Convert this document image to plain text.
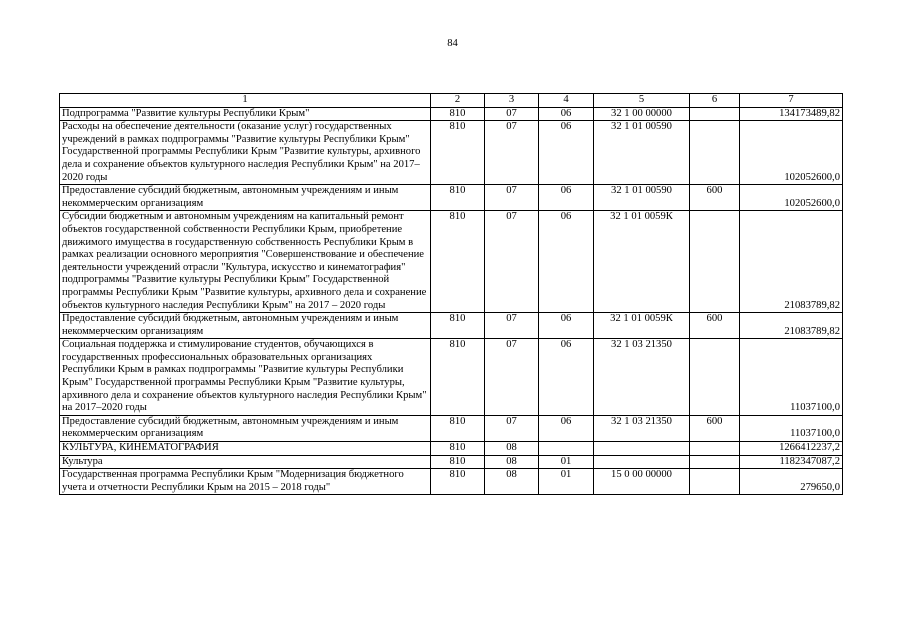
84
1	2	3	4	5	6	7
Подпрограмма "Развитие культуры Республики Крым"	810	07	06	32 1 00 00000		134173489,82
Расходы на обеспечение деятельности (оказание услуг) государственных учреждений в рамках подпрограммы "Развитие культуры Республики Крым" Государственной программы Республики Крым "Развитие культуры, архивного дела и сохранение объектов культурного наследия Республики Крым" на 2017–2020 годы	810	07	06	32 1 01 00590		102052600,0
Предоставление субсидий бюджетным, автономным учреждениям и иным некоммерческим организациям	810	07	06	32 1 01 00590	600	102052600,0
Субсидии бюджетным и автономным учреждениям на капитальный ремонт объектов государственной собственности Республики Крым, приобретение движимого имущества в государственную собственность Республики Крым в рамках реализации основного мероприятия "Совершенствование и обеспечение деятельности учреждений отрасли "Культура, искусство и кинематография" подпрограммы "Развитие культуры Республики Крым" Государственной программы Республики Крым "Развитие культуры, архивного дела и сохранение объектов культурного наследия Республики Крым" на 2017 – 2020 годы	810	07	06	32 1 01 0059К		21083789,82
Предоставление субсидий бюджетным, автономным учреждениям и иным некоммерческим организациям	810	07	06	32 1 01 0059К	600	21083789,82
Социальная поддержка и стимулирование студентов, обучающихся в государственных профессиональных образовательных организациях Республики Крым в рамках подпрограммы "Развитие культуры Республики Крым" Государственной программы Республики Крым "Развитие культуры, архивного дела и сохранение объектов культурного наследия Республики Крым" на 2017–2020 годы	810	07	06	32 1 03 21350		11037100,0
Предоставление субсидий бюджетным, автономным учреждениям и иным некоммерческим организациям	810	07	06	32 1 03 21350	600	11037100,0
КУЛЬТУРА, КИНЕМАТОГРАФИЯ	810	08				1266412237,2
Культура	810	08	01			1182347087,2
Государственная программа Республики Крым "Модернизация бюджетного учета и отчетности Республики Крым на 2015 – 2018 годы"	810	08	01	15 0 00 00000		279650,0
